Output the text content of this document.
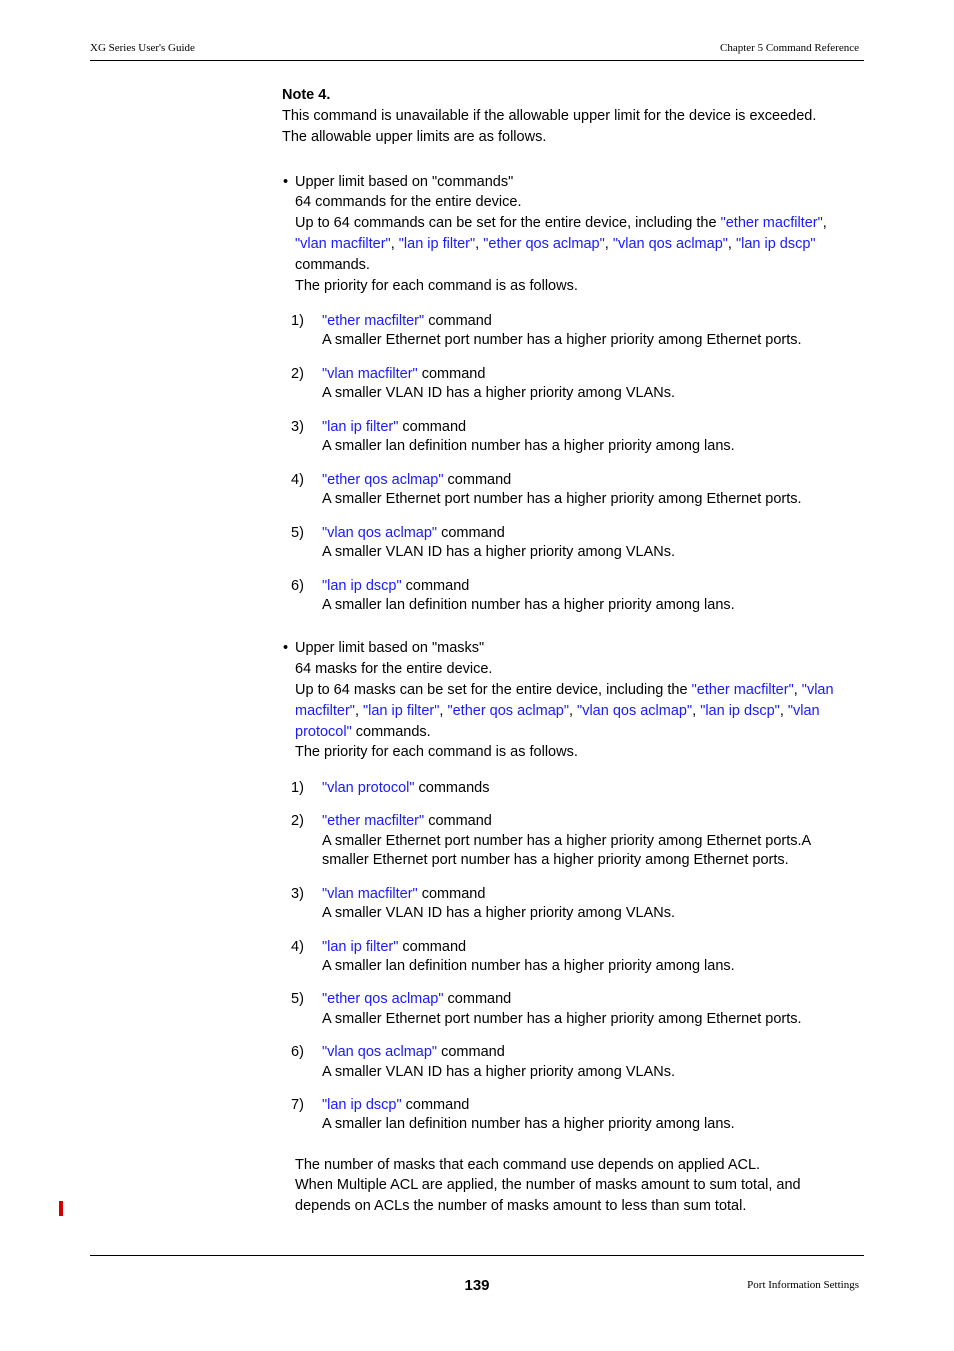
XG Series User's Guide	Chapter 5 Command Reference
Note 4.
This command is unavailable if the allowable upper limit for the device is exceeded.
The allowable upper limits are as follows.
• Upper limit based on "commands"
64 commands for the entire device.
Up to 64 commands can be set for the entire device, including the "ether macfilter",
"vlan macfilter", "lan ip filter", "ether qos aclmap", "vlan qos aclmap", "lan ip dscp"
commands.
The priority for each command is as follows.
1) "ether macfilter" command
A smaller Ethernet port number has a higher priority among Ethernet ports.
2) "vlan macfilter" command
A smaller VLAN ID has a higher priority among VLANs.
3) "lan ip filter" command
A smaller lan definition number has a higher priority among lans.
4) "ether qos aclmap" command
A smaller Ethernet port number has a higher priority among Ethernet ports.
5) "vlan qos aclmap" command
A smaller VLAN ID has a higher priority among VLANs.
6) "lan ip dscp" command
A smaller lan definition number has a higher priority among lans.
• Upper limit based on "masks"
64 masks for the entire device.
Up to 64 masks can be set for the entire device, including the "ether macfilter", "vlan
macfilter", "lan ip filter", "ether qos aclmap", "vlan qos aclmap", "lan ip dscp", "vlan
protocol" commands.
The priority for each command is as follows.
1) "vlan protocol" commands
2) "ether macfilter" command
A smaller Ethernet port number has a higher priority among Ethernet ports.A
smaller Ethernet port number has a higher priority among Ethernet ports.
3) "vlan macfilter" command
A smaller VLAN ID has a higher priority among VLANs.
4) "lan ip filter" command
A smaller lan definition number has a higher priority among lans.
5) "ether qos aclmap" command
A smaller Ethernet port number has a higher priority among Ethernet ports.
6) "vlan qos aclmap" command
A smaller VLAN ID has a higher priority among VLANs.
7) "lan ip dscp" command
A smaller lan definition number has a higher priority among lans.
The number of masks that each command use depends on applied ACL.
When Multiple ACL are applied, the number of masks amount to sum total, and
depends on ACLs the number of masks amount to less than sum total.
139	Port Information Settings
